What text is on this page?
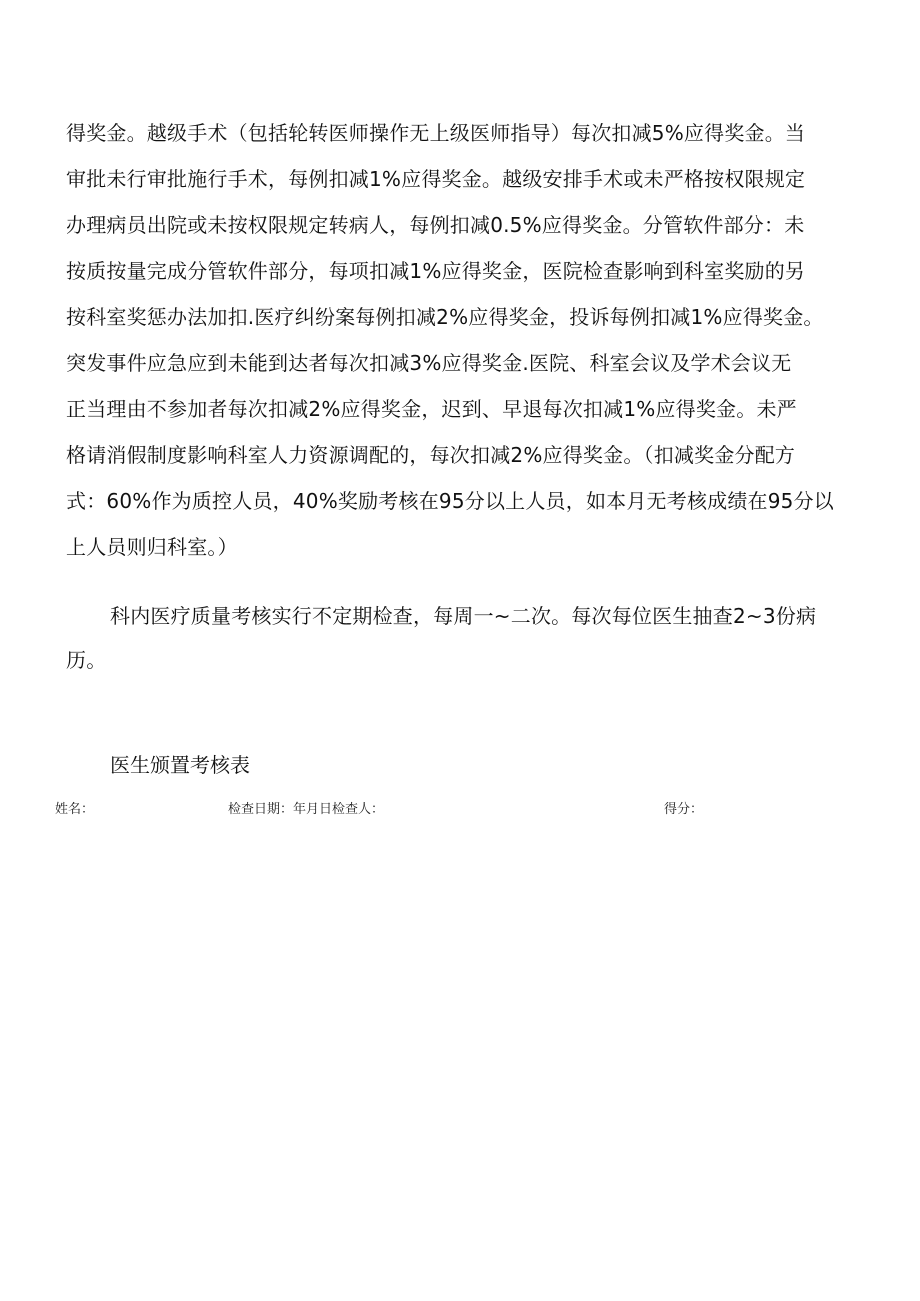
得奖金。越级手术（包括轮转医师操作无上级医师指导）每次扣减5%应得奖金。当
审批未行审批施行手术，每例扣减1%应得奖金。越级安排手术或未严格按权限规定
办理病员出院或未按权限规定转病人，每例扣减0.5%应得奖金。分管软件部分：未
按质按量完成分管软件部分，每项扣减1%应得奖金，医院检查影响到科室奖励的另
按科室奖惩办法加扣.医疗纠纷案每例扣减2%应得奖金，投诉每例扣减1%应得奖金。
突发事件应急应到未能到达者每次扣减3%应得奖金.医院、科室会议及学术会议无
正当理由不参加者每次扣减2%应得奖金，迟到、早退每次扣减1%应得奖金。未严
格请消假制度影响科室人力资源调配的，每次扣减2%应得奖金。（扣减奖金分配方
式：60%作为质控人员，40%奖励考核在95分以上人员，如本月无考核成绩在95分以
上人员则归科室。）
科内医疗质量考核实行不定期检查，每周一~二次。每次每位医生抽查2~3份病
历。
医生颁置考核表
姓名：	检查日期：年月日检查人：	得分：
